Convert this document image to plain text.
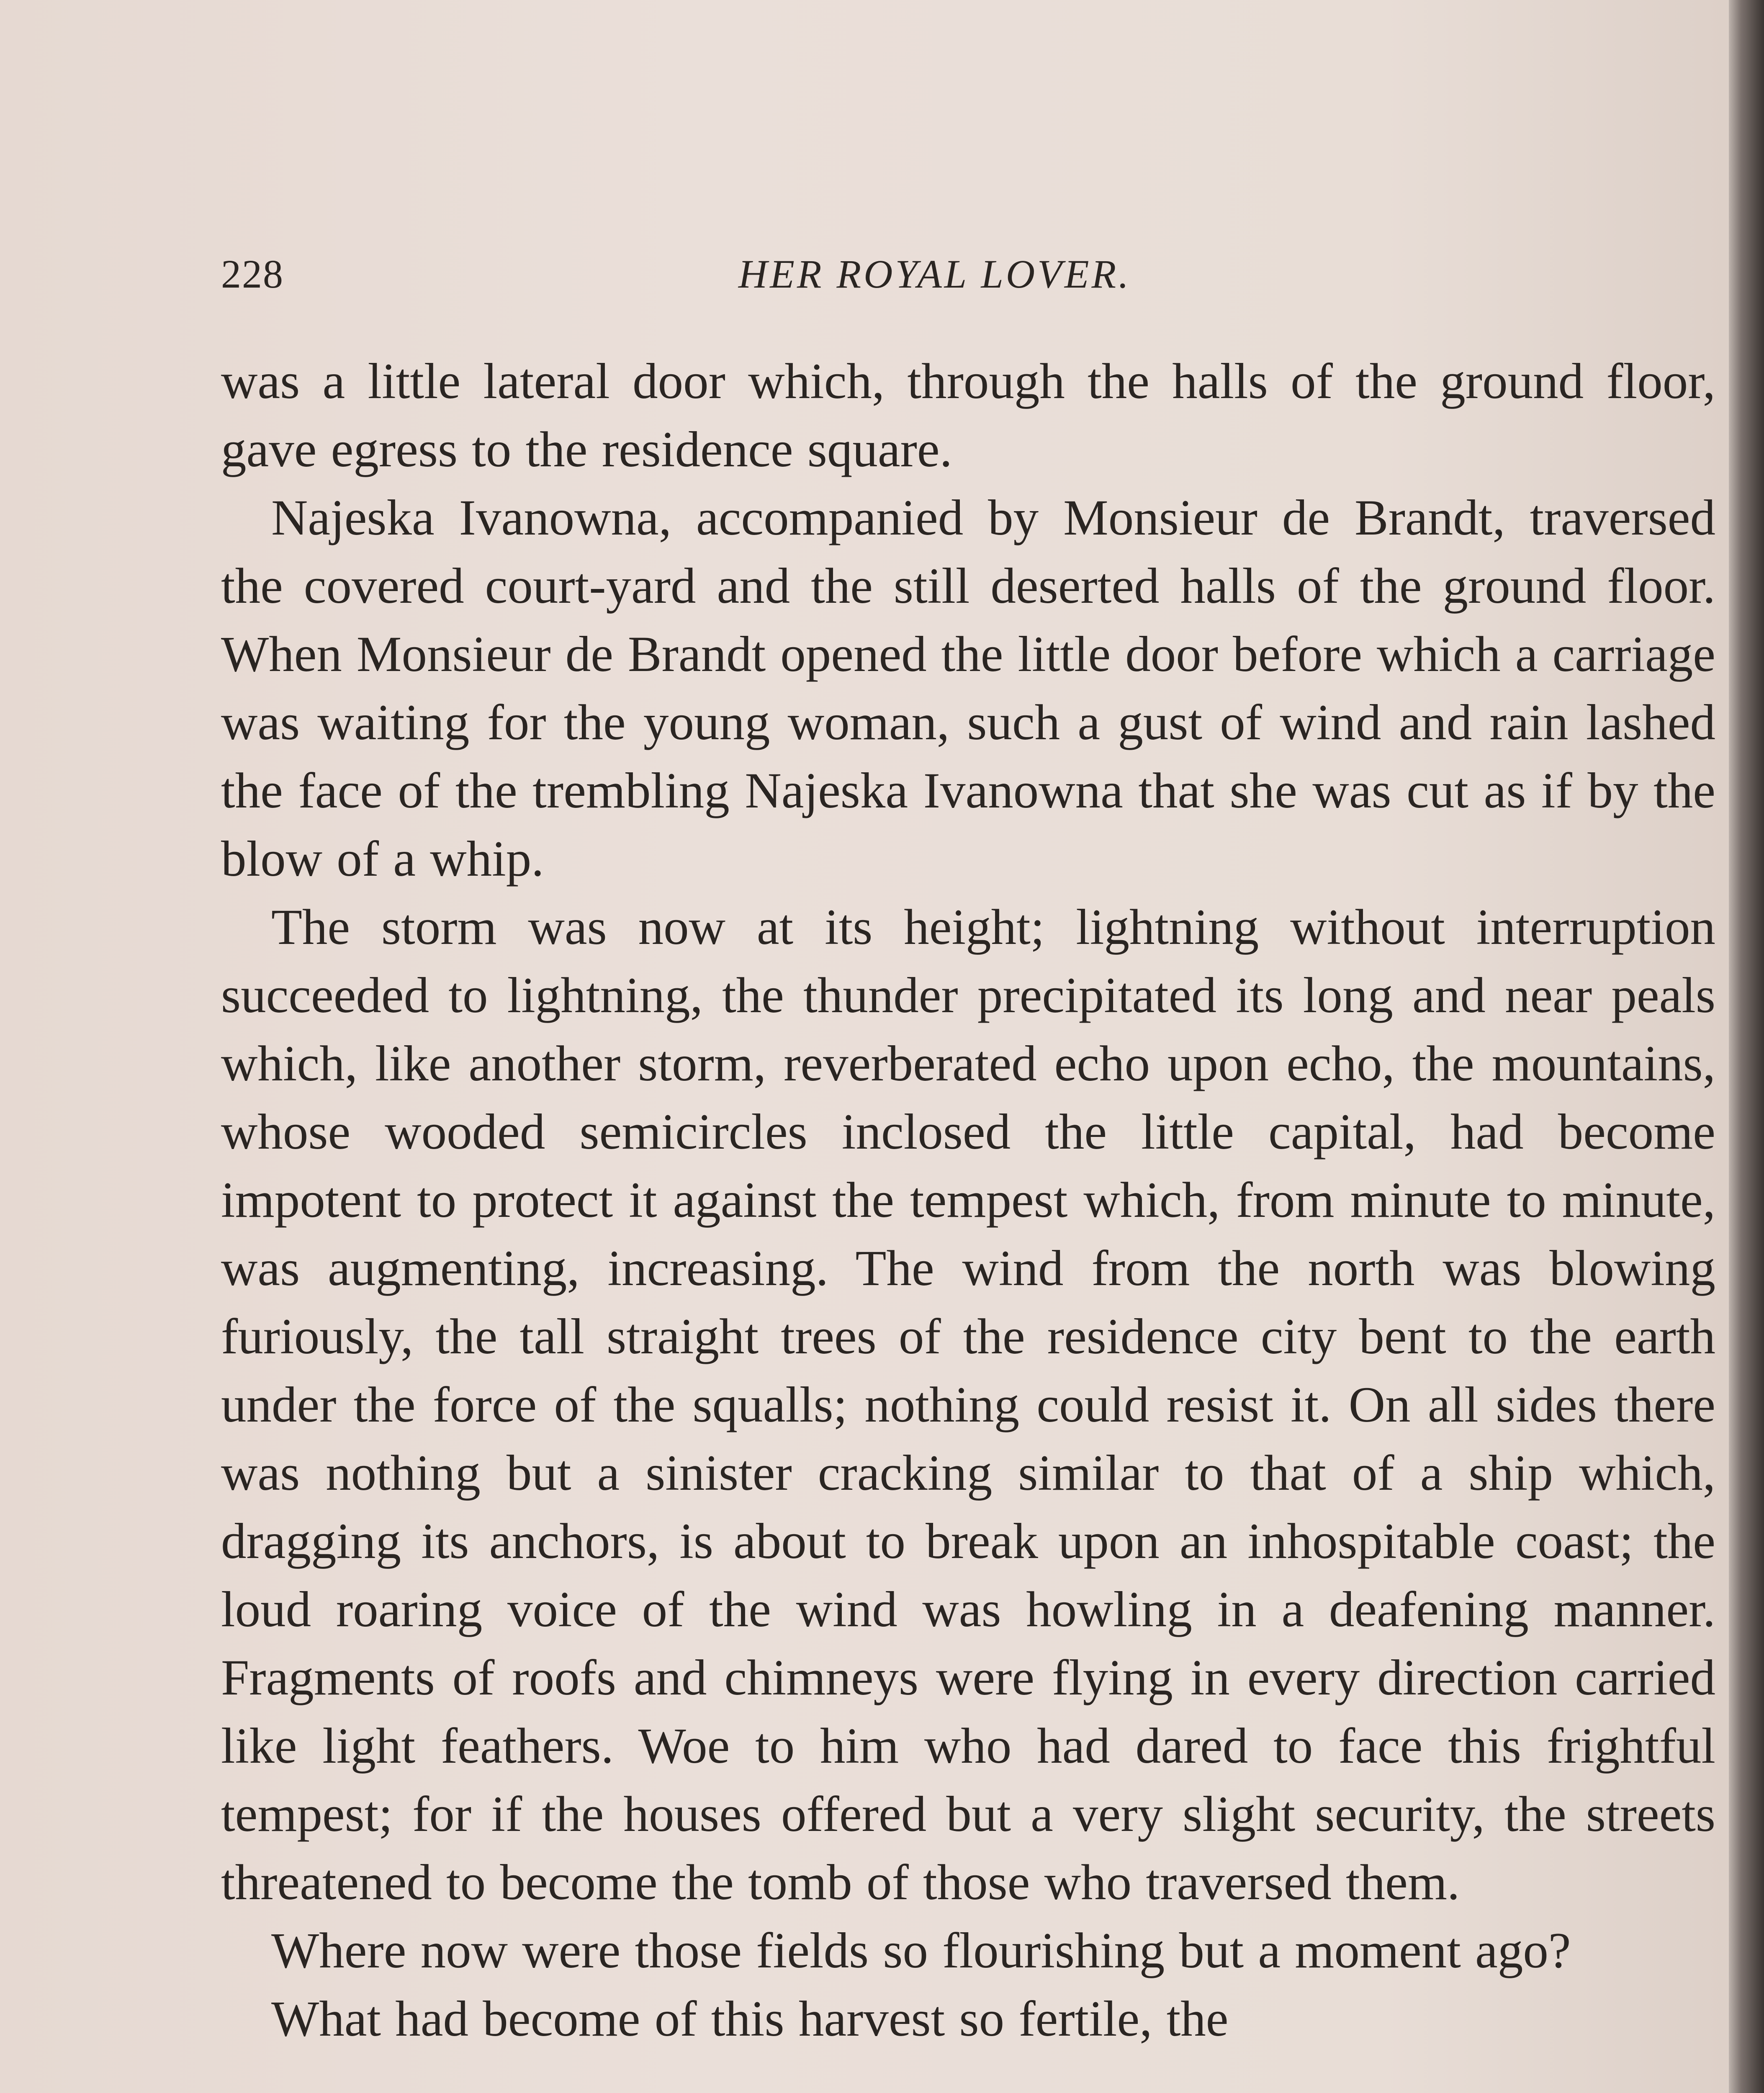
228	HER ROYAL LOVER.

was a little lateral door which, through the halls of the ground floor, gave egress to the residence square.

Najeska Ivanowna, accompanied by Monsieur de Brandt, traversed the covered court-yard and the still deserted halls of the ground floor. When Monsieur de Brandt opened the little door before which a carriage was waiting for the young woman, such a gust of wind and rain lashed the face of the trembling Najeska Ivanowna that she was cut as if by the blow of a whip.

The storm was now at its height; lightning without interruption succeeded to lightning, the thunder precipitated its long and near peals which, like another storm, reverberated echo upon echo, the mountains, whose wooded semicircles inclosed the little capital, had become impotent to protect it against the tempest which, from minute to minute, was augmenting, increasing. The wind from the north was blowing furiously, the tall straight trees of the residence city bent to the earth under the force of the squalls; nothing could resist it. On all sides there was nothing but a sinister cracking similar to that of a ship which, dragging its anchors, is about to break upon an inhospitable coast; the loud roaring voice of the wind was howling in a deafening manner. Fragments of roofs and chimneys were flying in every direction carried like light feathers. Woe to him who had dared to face this frightful tempest; for if the houses offered but a very slight security, the streets threatened to become the tomb of those who traversed them.

Where now were those fields so flourishing but a moment ago?

What had become of this harvest so fertile, the
